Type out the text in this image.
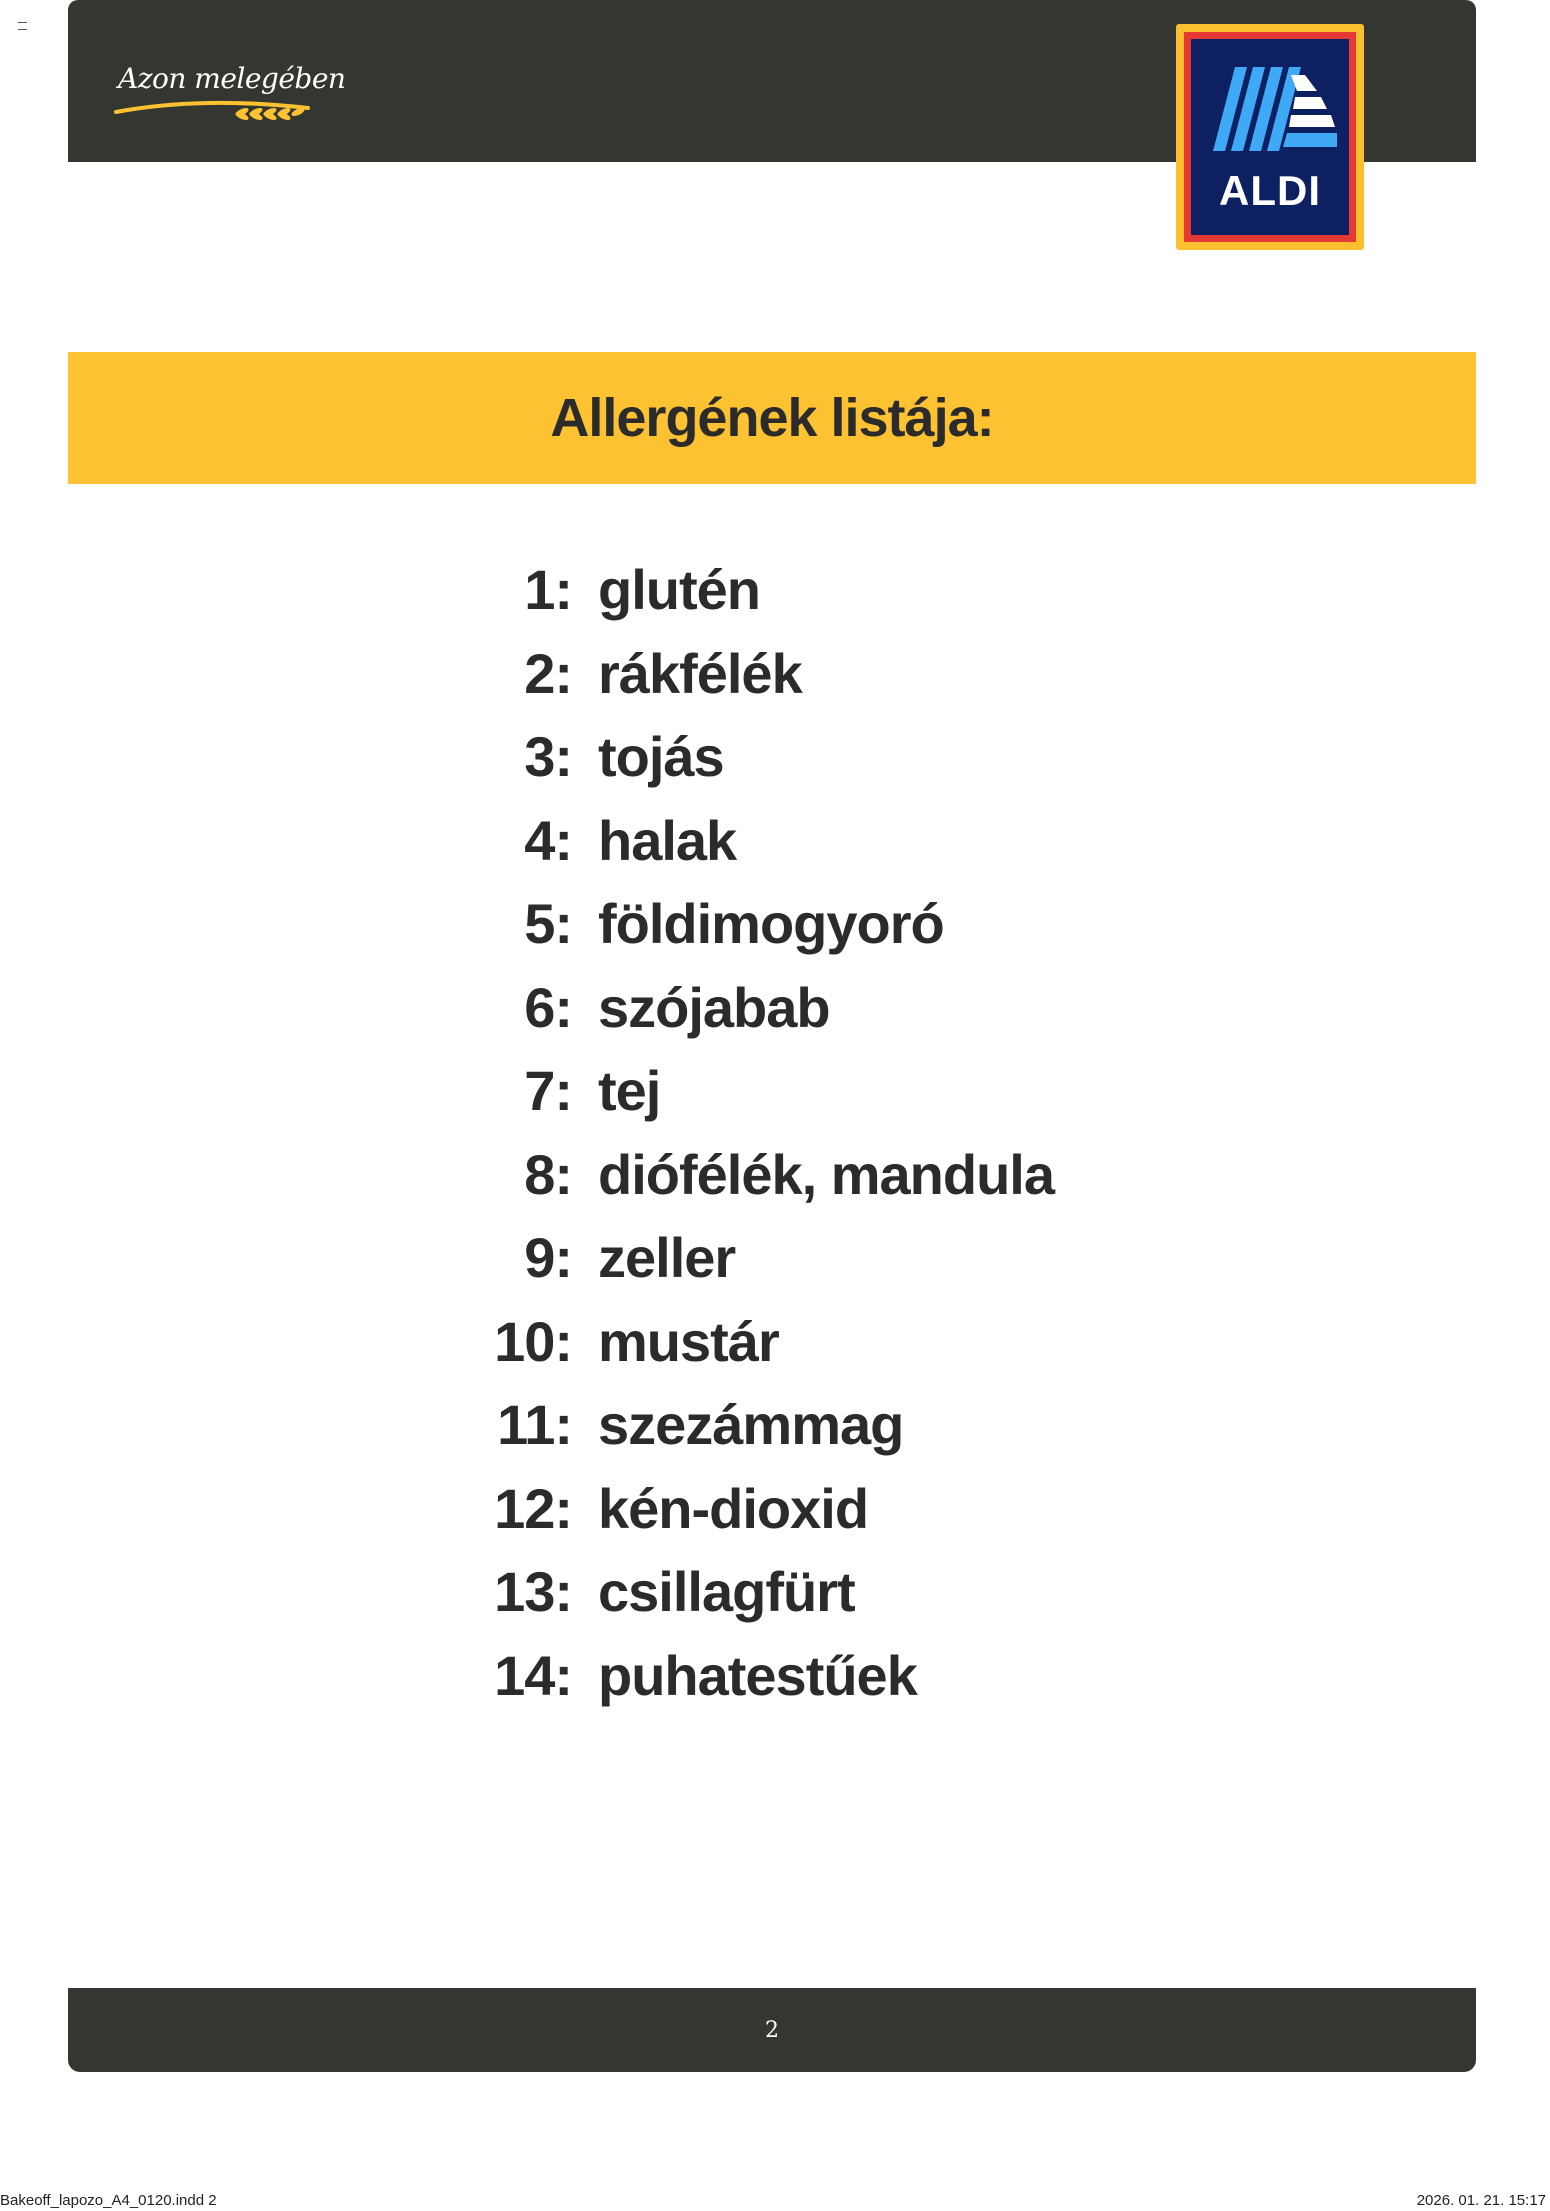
Azon melegében
ALDI
Allergének listája:
1: glutén
2: rákfélék
3: tojás
4: halak
5: földimogyoró
6: szójabab
7: tej
8: diófélék, mandula
9: zeller
10: mustár
11: szezámmag
12: kén-dioxid
13: csillagfürt
14: puhatestűek
2
Bakeoff_lapozo_A4_0120.indd 2	2026. 01. 21. 15:17
